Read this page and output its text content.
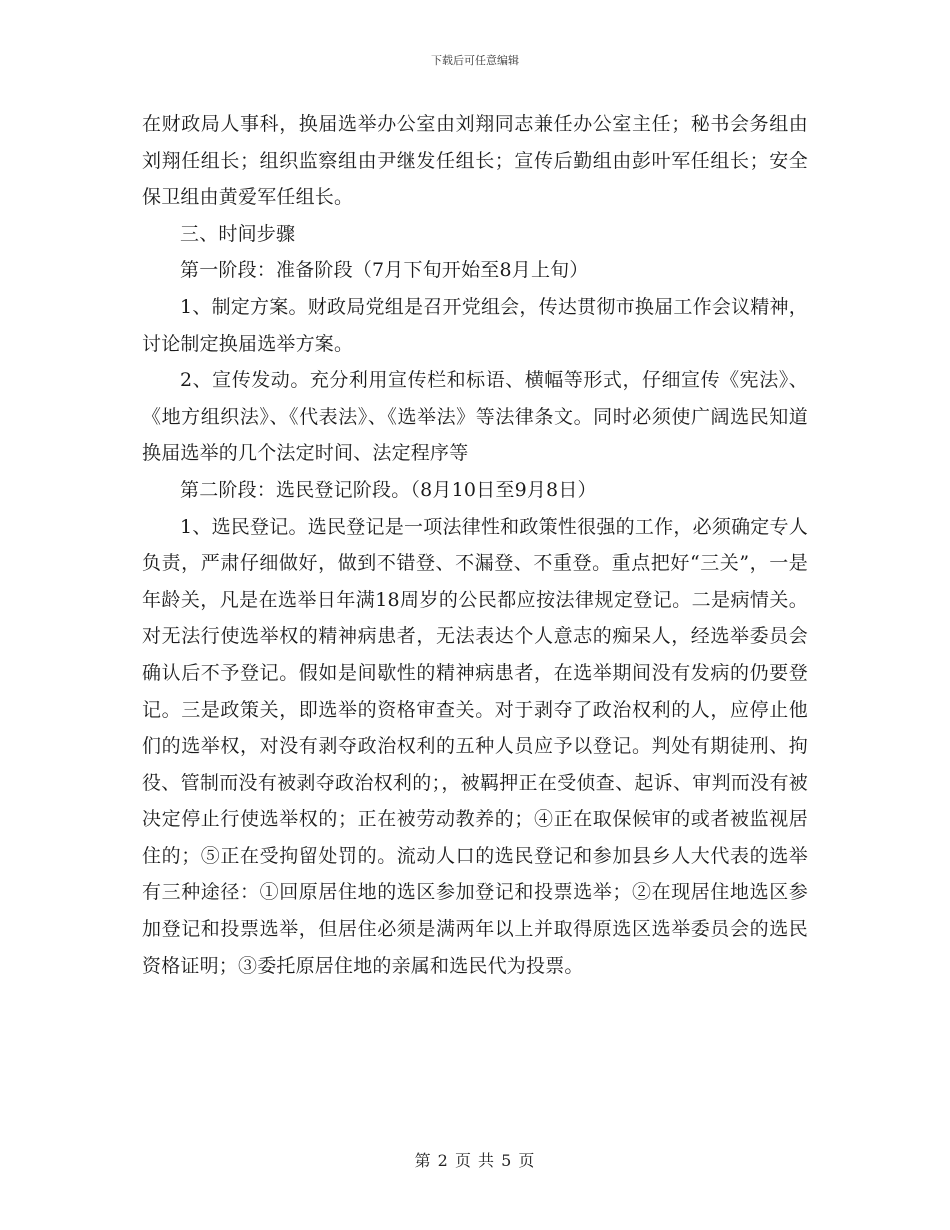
下载后可任意编辑

在财政局人事科，换届选举办公室由刘翔同志兼任办公室主任；秘书会务组由刘翔任组长；组织监察组由尹继发任组长；宣传后勤组由彭叶军任组长；安全保卫组由黄爱军任组长。

三、时间步骤

第一阶段：准备阶段（7月下旬开始至8月上旬）

1、制定方案。财政局党组是召开党组会，传达贯彻市换届工作会议精神，讨论制定换届选举方案。

2、宣传发动。充分利用宣传栏和标语、横幅等形式，仔细宣传《宪法》、《地方组织法》、《代表法》、《选举法》等法律条文。同时必须使广阔选民知道换届选举的几个法定时间、法定程序等

第二阶段：选民登记阶段。（8月10日至9月8日）

1、选民登记。选民登记是一项法律性和政策性很强的工作，必须确定专人负责，严肃仔细做好，做到不错登、不漏登、不重登。重点把好“三关”，一是年龄关，凡是在选举日年满18周岁的公民都应按法律规定登记。二是病情关。对无法行使选举权的精神病患者，无法表达个人意志的痴呆人，经选举委员会确认后不予登记。假如是间歇性的精神病患者，在选举期间没有发病的仍要登记。三是政策关，即选举的资格审查关。对于剥夺了政治权利的人，应停止他们的选举权，对没有剥夺政治权利的五种人员应予以登记。判处有期徒刑、拘役、管制而没有被剥夺政治权利的；，被羁押正在受侦查、起诉、审判而没有被决定停止行使选举权的；正在被劳动教养的；④正在取保候审的或者被监视居住的；⑤正在受拘留处罚的。流动人口的选民登记和参加县乡人大代表的选举有三种途径：①回原居住地的选区参加登记和投票选举；②在现居住地选区参加登记和投票选举，但居住必须是满两年以上并取得原选区选举委员会的选民资格证明；③委托原居住地的亲属和选民代为投票。

第 2 页 共 5 页
